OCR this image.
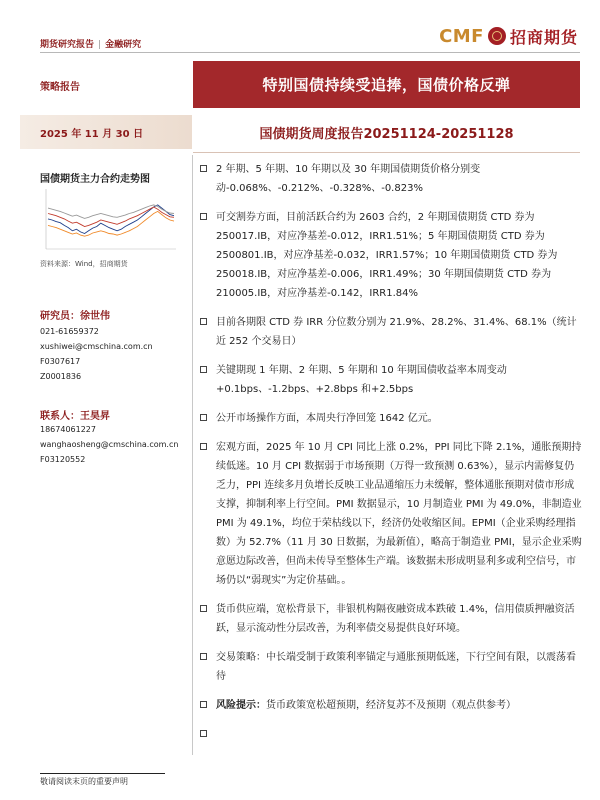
期货研究报告 | 金融研究	CMF 招商期货
策略报告	特别国债持续受追捧，国债价格反弹
2025 年 11 月 30 日	国债期货周度报告20251124-20251128
国债期货主力合约走势图
资料来源：Wind，招商期货
研究员：徐世伟
021-61659372
xushiwei@cmschina.com.cn
F0307617
Z0001836
联系人：王昊昇
18674061227
wanghaosheng@cmschina.com.cn
F03120552
2 年期、5 年期、10 年期以及 30 年期国债期货价格分别变动-0.068%、-0.212%、-0.328%、-0.823%
可交割券方面，目前活跃合约为 2603 合约，2 年期国债期货 CTD 券为 250017.IB，对应净基差-0.012，IRR1.51%；5 年期国债期货 CTD 券为 2500801.IB，对应净基差-0.032，IRR1.57%；10 年期国债期货 CTD 券为 250018.IB，对应净基差-0.006，IRR1.49%；30 年期国债期货 CTD 券为 210005.IB，对应净基差-0.142，IRR1.84%
目前各期限 CTD 券 IRR 分位数分别为 21.9%、28.2%、31.4%、68.1%（统计近 252 个交易日）
关键期现 1 年期、2 年期、5 年期和 10 年期国债收益率本周变动+0.1bps、-1.2bps、+2.8bps 和+2.5bps
公开市场操作方面，本周央行净回笼 1642 亿元。
宏观方面，2025 年 10 月 CPI 同比上涨 0.2%，PPI 同比下降 2.1%，通胀预期持续低迷。10 月 CPI 数据弱于市场预期（万得一致预测 0.63%），显示内需修复仍乏力，PPI 连续多月负增长反映工业品通缩压力未缓解，整体通胀预期对债市形成支撑，抑制利率上行空间。PMI 数据显示，10 月制造业 PMI 为 49.0%，非制造业 PMI 为 49.1%，均位于荣枯线以下，经济仍处收缩区间。EPMI（企业采购经理指数）为 52.7%（11 月 30 日数据，为最新值），略高于制造业 PMI，显示企业采购意愿边际改善，但尚未传导至整体生产端。该数据未形成明显利多或利空信号，市场仍以“弱现实”为定价基础。。
货币供应端，宽松背景下，非银机构隔夜融资成本跌破 1.4%，信用债质押融资活跃，显示流动性分层改善，为利率债交易提供良好环境。
交易策略：中长端受制于政策利率锚定与通胀预期低迷，下行空间有限，以震荡看待
风险提示：货币政策宽松超预期，经济复苏不及预期（观点供参考）
敬请阅读末页的重要声明
